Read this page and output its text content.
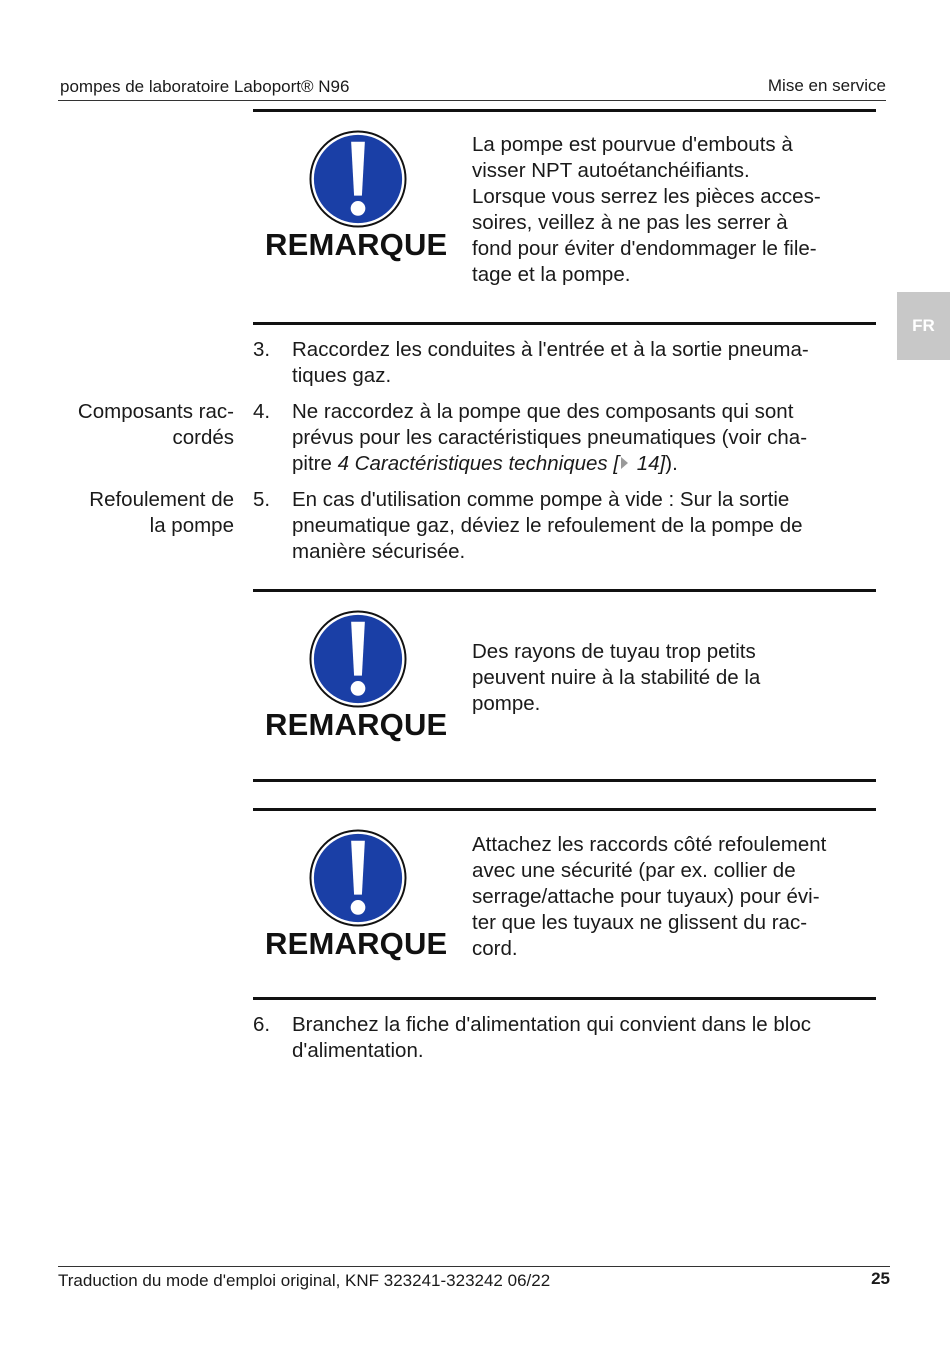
pompes de laboratoire Laboport® N96	Mise en service
FR
REMARQUE
La pompe est pourvue d'embouts à
visser NPT autoétanchéifiants.
Lorsque vous serrez les pièces acces-
soires, veillez à ne pas les serrer à
fond pour éviter d'endommager le file-
tage et la pompe.
3. Raccordez les conduites à l'entrée et à la sortie pneuma-
tiques gaz.
Composants rac-
cordés
4. Ne raccordez à la pompe que des composants qui sont
prévus pour les caractéristiques pneumatiques (voir cha-
pitre 4 Caractéristiques techniques [ 14]).
Refoulement de
la pompe
5. En cas d'utilisation comme pompe à vide : Sur la sortie
pneumatique gaz, déviez le refoulement de la pompe de
manière sécurisée.
REMARQUE
Des rayons de tuyau trop petits
peuvent nuire à la stabilité de la
pompe.
REMARQUE
Attachez les raccords côté refoulement
avec une sécurité (par ex. collier de
serrage/attache pour tuyaux) pour évi-
ter que les tuyaux ne glissent du rac-
cord.
6. Branchez la fiche d'alimentation qui convient dans le bloc
d'alimentation.
Traduction du mode d'emploi original, KNF 323241-323242 06/22	25
